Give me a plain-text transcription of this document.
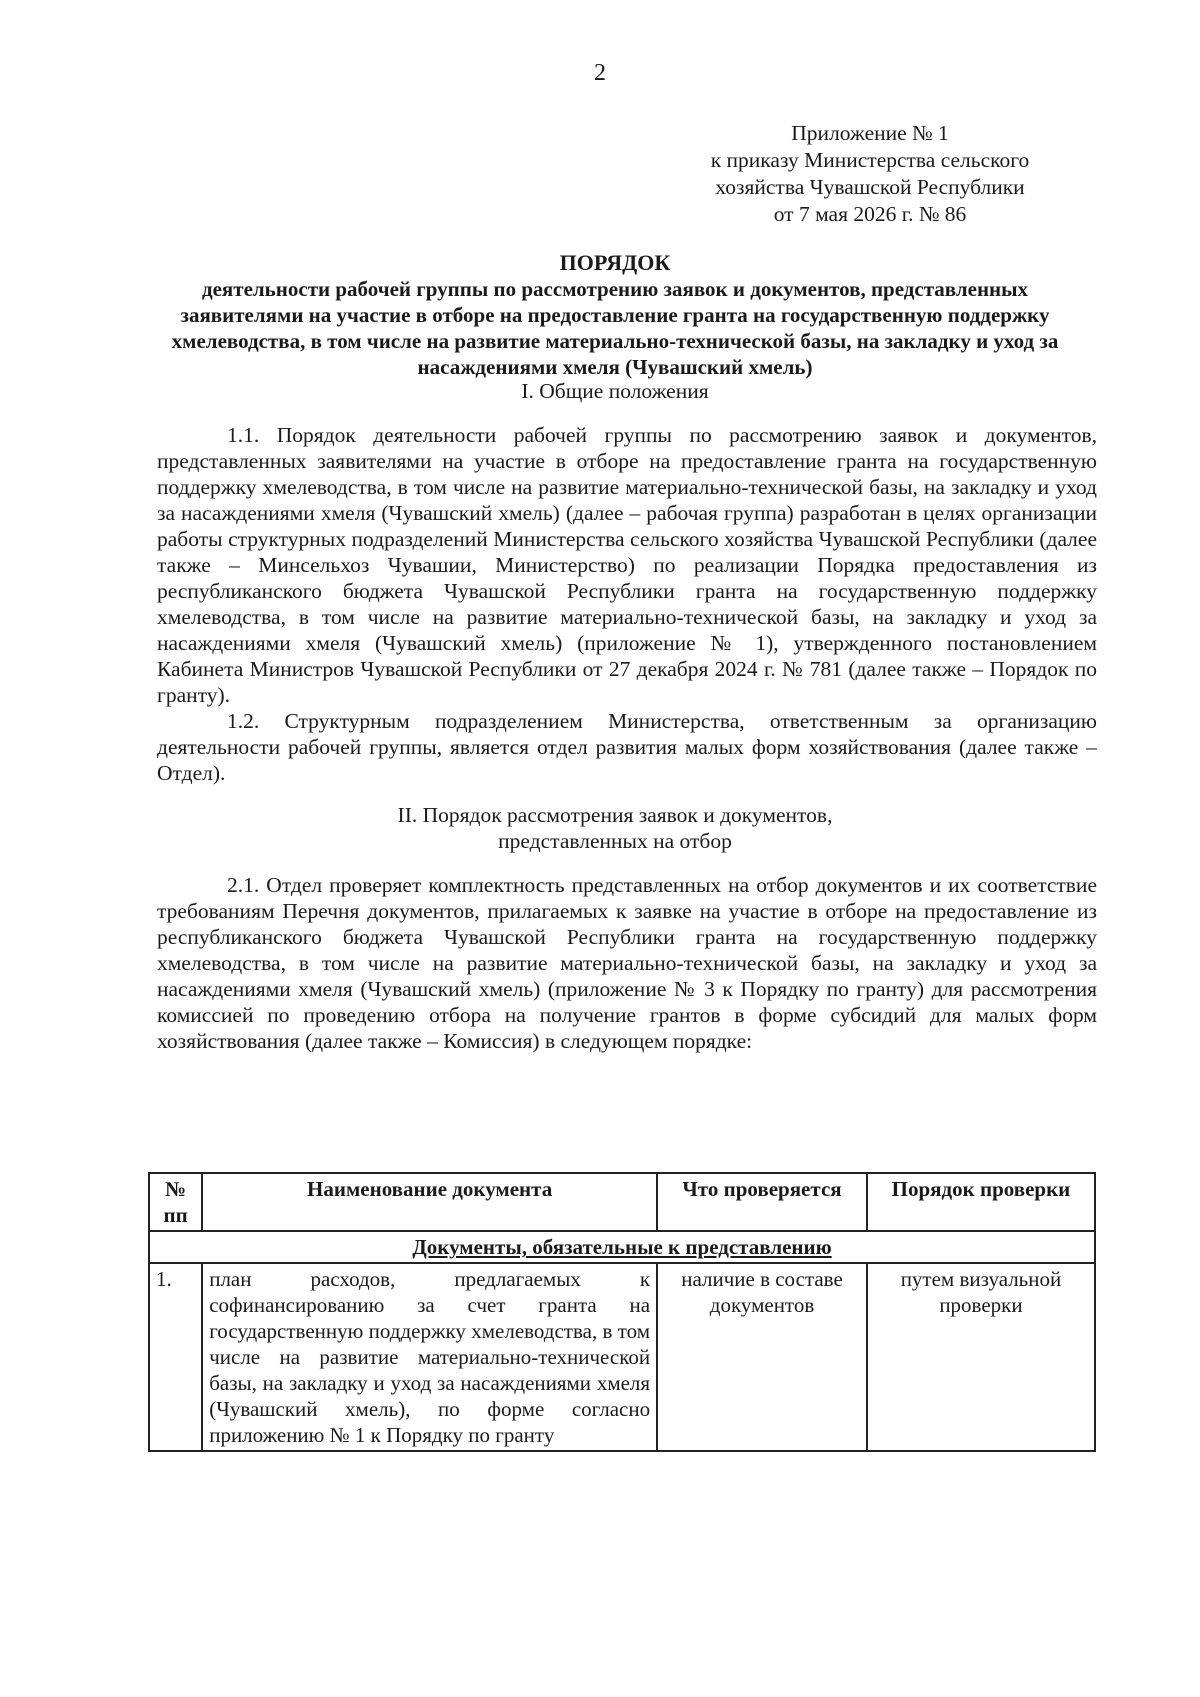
2
Приложение № 1
к приказу Министерства сельского
хозяйства Чувашской Республики
от 7 мая 2026 г. № 86
ПОРЯДОК
деятельности рабочей группы по рассмотрению заявок и документов, представленных заявителями на участие в отборе на предоставление гранта на государственную поддержку хмелеводства, в том числе на развитие материально-технической базы, на закладку и уход за насаждениями хмеля (Чувашский хмель)
I. Общие положения

1.1. Порядок деятельности рабочей группы по рассмотрению заявок и документов, представленных заявителями на участие в отборе на предоставление гранта на государственную поддержку хмелеводства, в том числе на развитие материально-технической базы, на закладку и уход за насаждениями хмеля (Чувашский хмель) (далее – рабочая группа) разработан в целях организации работы структурных подразделений Министерства сельского хозяйства Чувашской Республики (далее также – Минсельхоз Чувашии, Министерство) по реализации Порядка предоставления из республиканского бюджета Чувашской Республики гранта на государственную поддержку хмелеводства, в том числе на развитие материально-технической базы, на закладку и уход за насаждениями хмеля (Чувашский хмель) (приложение № 1), утвержденного постановлением Кабинета Министров Чувашской Республики от 27 декабря 2024 г. № 781 (далее также – Порядок по гранту).

1.2. Структурным подразделением Министерства, ответственным за организацию деятельности рабочей группы, является отдел развития малых форм хозяйствования (далее также – Отдел).

II. Порядок рассмотрения заявок и документов,
представленных на отбор

2.1. Отдел проверяет комплектность представленных на отбор документов и их соответствие требованиям Перечня документов, прилагаемых к заявке на участие в отборе на предоставление из республиканского бюджета Чувашской Республики гранта на государственную поддержку хмелеводства, в том числе на развитие материально-технической базы, на закладку и уход за насаждениями хмеля (Чувашский хмель) (приложение № 3 к Порядку по гранту) для рассмотрения комиссией по проведению отбора на получение грантов в форме субсидий для малых форм хозяйствования (далее также – Комиссия) в следующем порядке:

№ пп	Наименование документа	Что проверяется	Порядок проверки
Документы, обязательные к представлению			
1.	план расходов, предлагаемых к софинансированию за счет гранта на государственную поддержку хмелеводства, в том числе на развитие материально-технической базы, на закладку и уход за насаждениями хмеля (Чувашский хмель), по форме согласно приложению № 1 к Порядку по гранту	наличие в составе документов	путем визуальной проверки
